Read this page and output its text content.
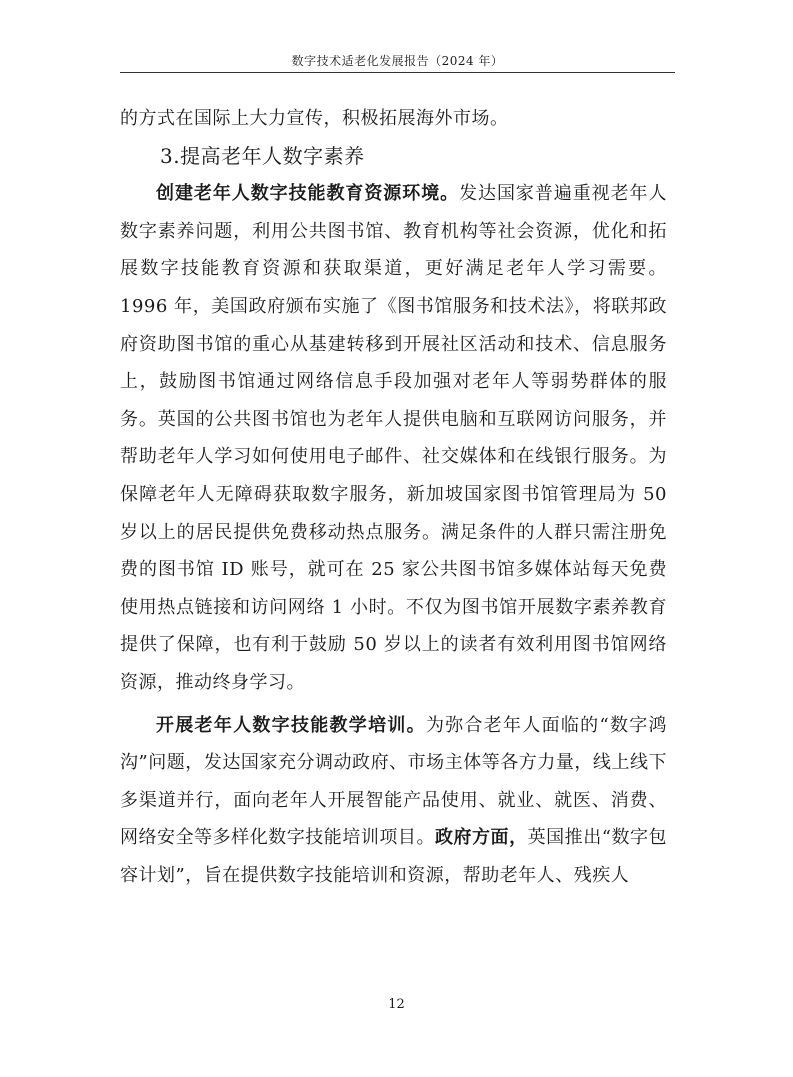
数字技术适老化发展报告（2024 年）

的方式在国际上大力宣传，积极拓展海外市场。

3.提高老年人数字素养

创建老年人数字技能教育资源环境。发达国家普遍重视老年人数字素养问题，利用公共图书馆、教育机构等社会资源，优化和拓展数字技能教育资源和获取渠道，更好满足老年人学习需要。1996 年，美国政府颁布实施了《图书馆服务和技术法》，将联邦政府资助图书馆的重心从基建转移到开展社区活动和技术、信息服务上，鼓励图书馆通过网络信息手段加强对老年人等弱势群体的服务。英国的公共图书馆也为老年人提供电脑和互联网访问服务，并帮助老年人学习如何使用电子邮件、社交媒体和在线银行服务。为保障老年人无障碍获取数字服务，新加坡国家图书馆管理局为 50 岁以上的居民提供免费移动热点服务。满足条件的人群只需注册免费的图书馆 ID 账号，就可在 25 家公共图书馆多媒体站每天免费使用热点链接和访问网络 1 小时。不仅为图书馆开展数字素养教育提供了保障，也有利于鼓励 50 岁以上的读者有效利用图书馆网络资源，推动终身学习。

开展老年人数字技能教学培训。为弥合老年人面临的“数字鸿沟”问题，发达国家充分调动政府、市场主体等各方力量，线上线下多渠道并行，面向老年人开展智能产品使用、就业、就医、消费、网络安全等多样化数字技能培训项目。政府方面，英国推出“数字包容计划”，旨在提供数字技能培训和资源，帮助老年人、残疾人

12
